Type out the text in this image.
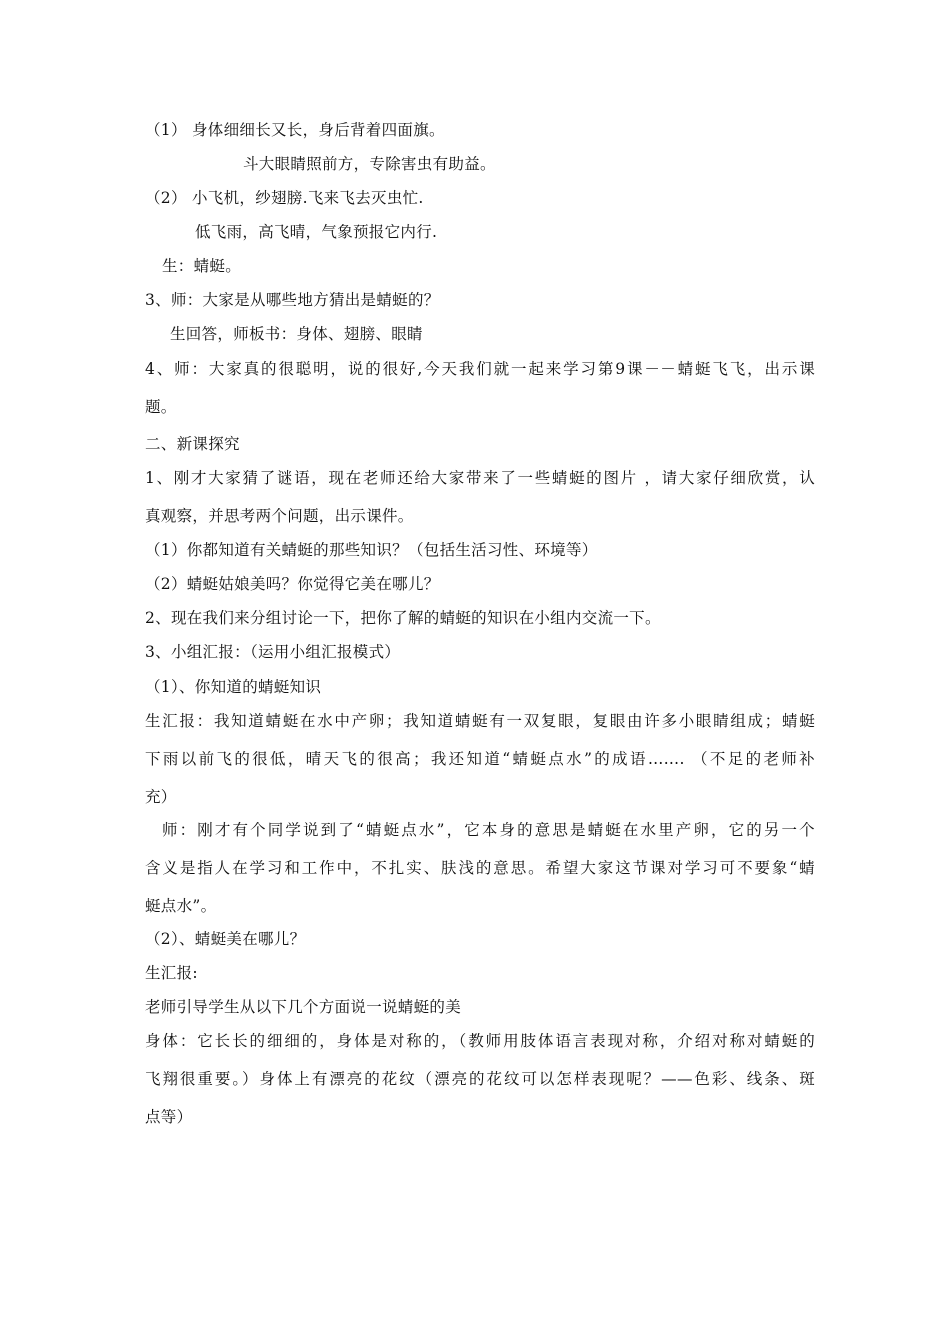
（1） 身体细细长又长，身后背着四面旗。
斗大眼睛照前方，专除害虫有助益。
（2） 小飞机，纱翅膀.飞来飞去灭虫忙.
低飞雨，高飞晴，气象预报它内行.
生：蜻蜓。
3、师：大家是从哪些地方猜出是蜻蜓的？
生回答，师板书：身体、翅膀、眼睛
4、师：大家真的很聪明，说的很好,今天我们就一起来学习第9课－－蜻蜓飞飞，出示课
题。
二、新课探究
1、刚才大家猜了谜语，现在老师还给大家带来了一些蜻蜓的图片 ，请大家仔细欣赏，认
真观察，并思考两个问题，出示课件。
（1）你都知道有关蜻蜓的那些知识？（包括生活习性、环境等）
（2）蜻蜓姑娘美吗？你觉得它美在哪儿？
2、现在我们来分组讨论一下，把你了解的蜻蜓的知识在小组内交流一下。
3、小组汇报：（运用小组汇报模式）
（1）、你知道的蜻蜓知识
生汇报：我知道蜻蜓在水中产卵；我知道蜻蜓有一双复眼，复眼由许多小眼睛组成；蜻蜓
下雨以前飞的很低，晴天飞的很高；我还知道“蜻蜓点水”的成语……. （不足的老师补
充）
师：刚才有个同学说到了“蜻蜓点水”，它本身的意思是蜻蜓在水里产卵，它的另一个
含义是指人在学习和工作中，不扎实、肤浅的意思。希望大家这节课对学习可不要象“蜻
蜓点水”。
（2）、蜻蜓美在哪儿？
生汇报:
老师引导学生从以下几个方面说一说蜻蜓的美
身体：它长长的细细的，身体是对称的，（教师用肢体语言表现对称，介绍对称对蜻蜓的
飞翔很重要。）身体上有漂亮的花纹（漂亮的花纹可以怎样表现呢？——色彩、线条、斑
点等）
